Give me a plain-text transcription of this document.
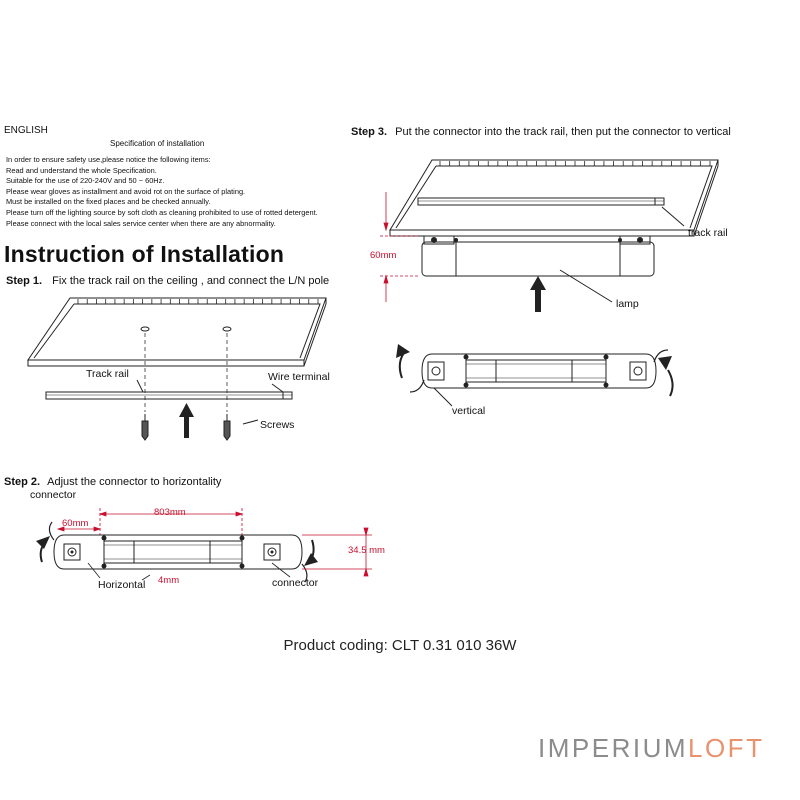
ENGLISH
Specification of installation
In order to ensure safety use,please notice the following items:
Read and understand the whole Specification.
Suitable for the use of 220-240V and 50 ~ 60Hz.
Please wear gloves as installment and avoid rot on the surface of plating.
Must be installed on the fixed places and be checked annually.
Please turn off the lighting source by soft cloth as cleaning prohibited to use of rotted detergent.
Please connect with the local sales service center when there are any abnormality.
Instruction of Installation
Step 1. Fix the track rail on the ceiling , and connect the L/N pole
Track rail	Wire terminal
Screws
Step 2. Adjust the connector to horizontality
connector
60mm
803mm
34.5 mm
4mm
Horizontal	connector
Step 3. Put the connector into the track rail, then put the connector to vertical
60mm
track rail
lamp
vertical
Product coding: CLT 0.31 010 36W
IMPERIUMLOFT
